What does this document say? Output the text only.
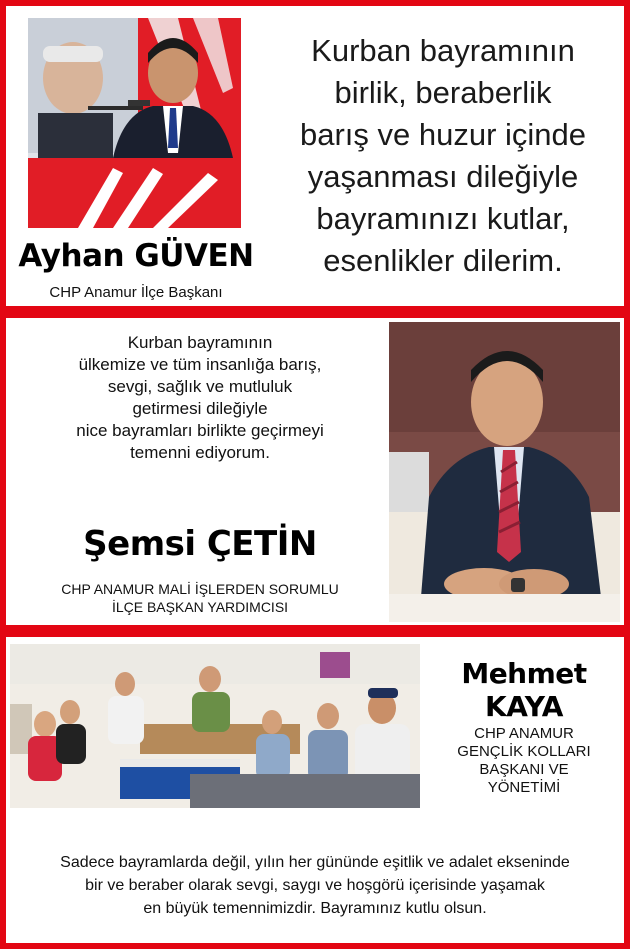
Ayhan GÜVEN
CHP Anamur İlçe Başkanı
Kurban bayramının
birlik, beraberlik
barış ve huzur içinde
yaşanması dileğiyle
bayramınızı kutlar,
esenlikler dilerim.
Kurban bayramının
ülkemize ve tüm insanlığa barış,
sevgi, sağlık ve mutluluk
getirmesi dileğiyle
nice bayramları birlikte geçirmeyi
temenni ediyorum.
Şemsi ÇETİN
CHP ANAMUR MALİ İŞLERDEN SORUMLU
İLÇE BAŞKAN YARDIMCISI
Mehmet KAYA
CHP ANAMUR
GENÇLİK KOLLARI
BAŞKANI VE
YÖNETİMİ
Sadece bayramlarda değil, yılın her gününde eşitlik ve adalet ekseninde
bir ve beraber olarak sevgi, saygı ve hoşgörü içerisinde yaşamak
en büyük temennimizdir. Bayramınız kutlu olsun.
